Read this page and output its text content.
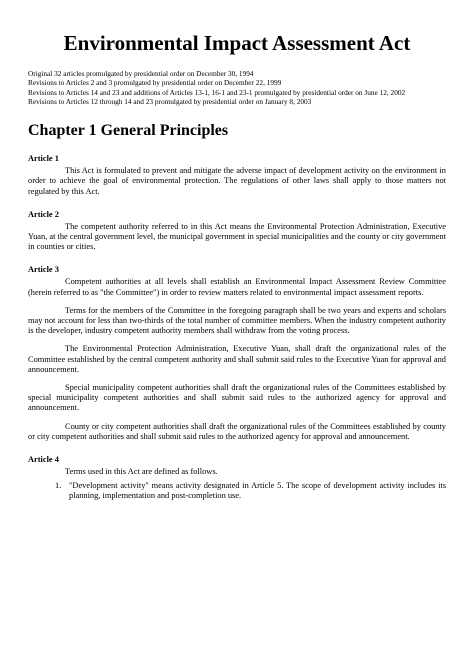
Environmental Impact Assessment Act
Original 32 articles promulgated by presidential order on December 30, 1994
Revisions to Articles 2 and 3 promulgated by presidential order on December 22, 1999
Revisions to Articles 14 and 23 and additions of Articles 13-1, 16-1 and 23-1 promulgated by presidential order on June 12, 2002
Revisions to Articles 12 through 14 and 23 promulgated by presidential order on January 8, 2003
Chapter 1 General Principles
Article 1
This Act is formulated to prevent and mitigate the adverse impact of development activity on the environment in order to achieve the goal of environmental protection. The regulations of other laws shall apply to those matters not regulated by this Act.
Article 2
The competent authority referred to in this Act means the Environmental Protection Administration, Executive Yuan, at the central government level, the municipal government in special municipalities and the county or city government in counties or cities.
Article 3
Competent authorities at all levels shall establish an Environmental Impact Assessment Review Committee (herein referred to as "the Committee") in order to review matters related to environmental impact assessment reports.
Terms for the members of the Committee in the foregoing paragraph shall be two years and experts and scholars may not account for less than two-thirds of the total number of committee members. When the industry competent authority is the developer, industry competent authority members shall withdraw from the voting process.
The Environmental Protection Administration, Executive Yuan, shall draft the organizational rules of the Committee established by the central competent authority and shall submit said rules to the Executive Yuan for approval and announcement.
Special municipality competent authorities shall draft the organizational rules of the Committees established by special municipality competent authorities and shall submit said rules to the authorized agency for approval and announcement.
County or city competent authorities shall draft the organizational rules of the Committees established by county or city competent authorities and shall submit said rules to the authorized agency for approval and announcement.
Article 4
Terms used in this Act are defined as follows.
1. "Development activity" means activity designated in Article 5. The scope of development activity includes its planning, implementation and post-completion use.
